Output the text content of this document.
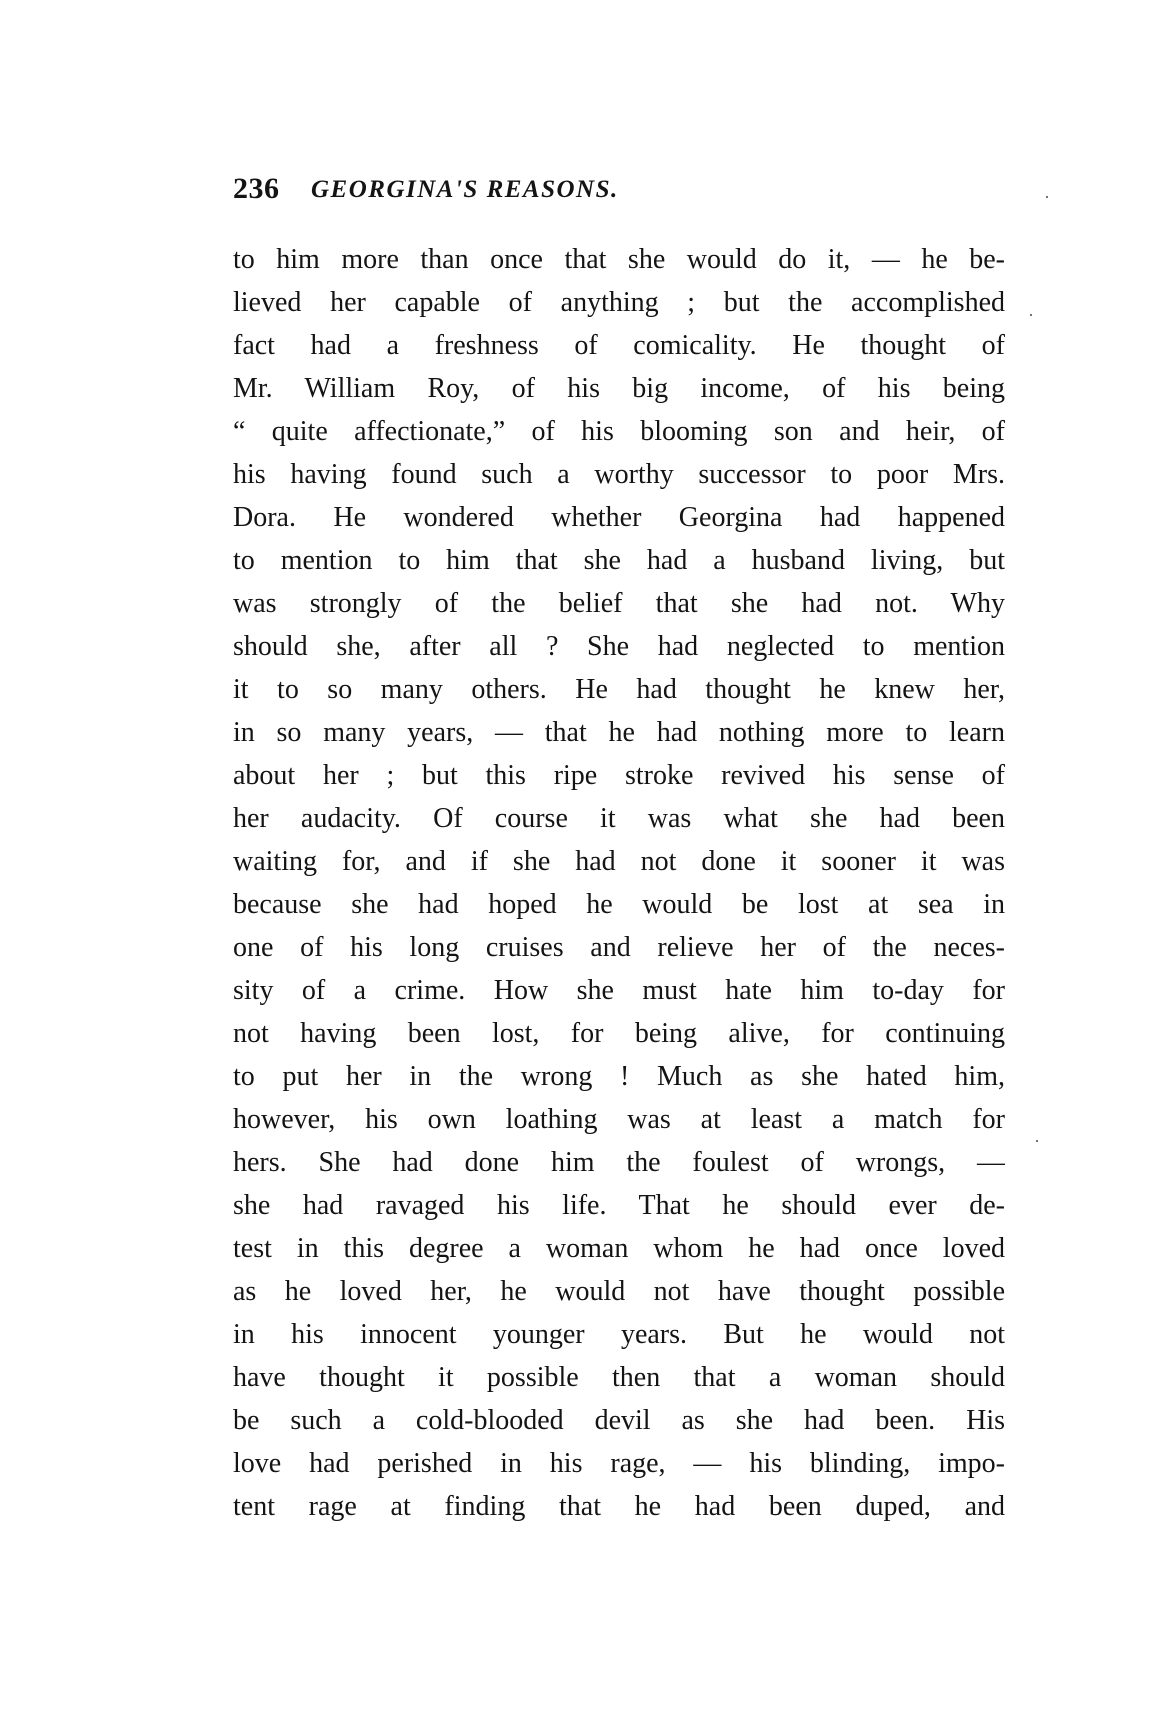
236 GEORGINA'S REASONS.
to him more than once that she would do it, — he be-
lieved her capable of anything ; but the accomplished
fact had a freshness of comicality. He thought of
Mr. William Roy, of his big income, of his being
“ quite affectionate,” of his blooming son and heir, of
his having found such a worthy successor to poor Mrs.
Dora. He wondered whether Georgina had happened
to mention to him that she had a husband living, but
was strongly of the belief that she had not. Why
should she, after all ? She had neglected to mention
it to so many others. He had thought he knew her,
in so many years, — that he had nothing more to learn
about her ; but this ripe stroke revived his sense of
her audacity. Of course it was what she had been
waiting for, and if she had not done it sooner it was
because she had hoped he would be lost at sea in
one of his long cruises and relieve her of the neces-
sity of a crime. How she must hate him to-day for
not having been lost, for being alive, for continuing
to put her in the wrong ! Much as she hated him,
however, his own loathing was at least a match for
hers. She had done him the foulest of wrongs, —
she had ravaged his life. That he should ever de-
test in this degree a woman whom he had once loved
as he loved her, he would not have thought possible
in his innocent younger years. But he would not
have thought it possible then that a woman should
be such a cold-blooded devil as she had been. His
love had perished in his rage, — his blinding, impo-
tent rage at finding that he had been duped, and
